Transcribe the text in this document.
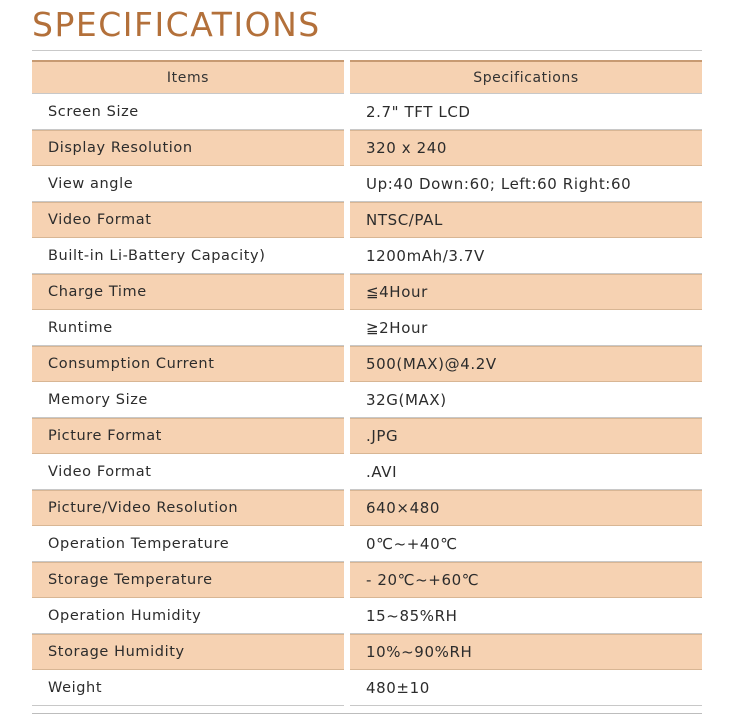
SPECIFICATIONS
Items	Specifications
Screen Size	2.7" TFT LCD
Display Resolution	320 x 240
View angle	Up:40 Down:60; Left:60 Right:60
Video Format	NTSC/PAL
Built-in Li-Battery Capacity)	1200mAh/3.7V
Charge Time	≦4Hour
Runtime	≧2Hour
Consumption Current	500(MAX)@4.2V
Memory Size	32G(MAX)
Picture Format	.JPG
Video Format	.AVI
Picture/Video Resolution	640×480
Operation Temperature	0℃~+40℃
Storage Temperature	- 20℃~+60℃
Operation Humidity	15~85%RH
Storage Humidity	10%~90%RH
Weight	480±10
